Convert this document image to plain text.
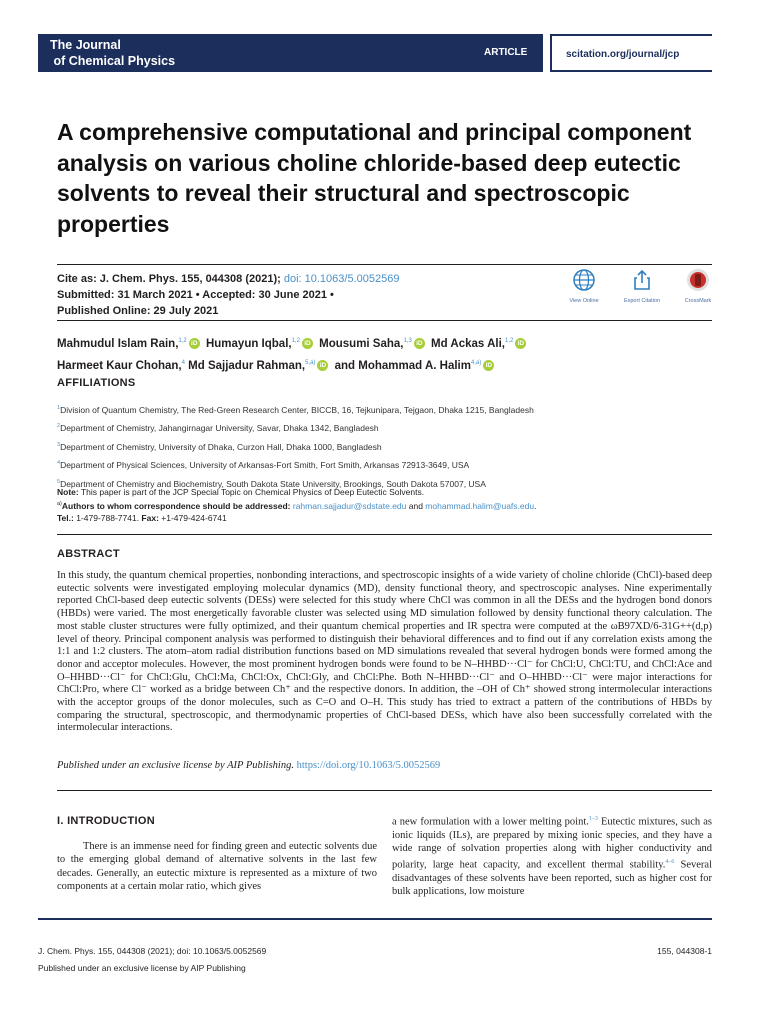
The Journal
of Chemical Physics
ARTICLE	scitation.org/journal/jcp
A comprehensive computational and principal component analysis on various choline chloride-based deep eutectic solvents to reveal their structural and spectroscopic properties
Cite as: J. Chem. Phys. 155, 044308 (2021); doi: 10.1063/5.0052569
Submitted: 31 March 2021 • Accepted: 30 June 2021 •
Published Online: 29 July 2021
View Online	Export Citation	CrossMark
Mahmudul Islam Rain,$^{1,2}$ iD Humayun Iqbal,$^{1,2}$ iD Mousumi Saha,$^{1,3}$ iD Md Ackas Ali,$^{1,2}$ iD
Harmeet Kaur Chohan,$^4$ Md Sajjadur Rahman,$^{5,a)}$ iD and Mohammad A. Halim$^{4,a)}$ iD
AFFILIATIONS
$^1$Division of Quantum Chemistry, The Red-Green Research Center, BICCB, 16, Tejkunipara, Tejgaon, Dhaka 1215, Bangladesh
$^2$Department of Chemistry, Jahangirnagar University, Savar, Dhaka 1342, Bangladesh
$^3$Department of Chemistry, University of Dhaka, Curzon Hall, Dhaka 1000, Bangladesh
$^4$Department of Physical Sciences, University of Arkansas-Fort Smith, Fort Smith, Arkansas 72913-3649, USA
$^5$Department of Chemistry and Biochemistry, South Dakota State University, Brookings, South Dakota 57007, USA
Note: This paper is part of the JCP Special Topic on Chemical Physics of Deep Eutectic Solvents.
$^{a)}$Authors to whom correspondence should be addressed: rahman.sajjadur@sdstate.edu and mohammad.halim@uafs.edu.
Tel.: 1-479-788-7741. Fax: +1-479-424-6741
ABSTRACT
In this study, the quantum chemical properties, nonbonding interactions, and spectroscopic insights of a wide variety of choline chloride (ChCl)-based deep eutectic solvents were investigated employing molecular dynamics (MD), density functional theory, and spectroscopic analyses. Nine experimentally reported ChCl-based deep eutectic solvents (DESs) were selected for this study where ChCl was common in all the DESs and the hydrogen bond donors (HBDs) were varied. The most energetically favorable cluster was selected using MD simulation followed by density functional theory calculation. The most stable cluster structures were fully optimized, and their quantum chemical properties and IR spectra were computed at the ωB97XD/6-31G++(d,p) level of theory. Principal component analysis was performed to distinguish their behavioral differences and to find out if any correlation exists among the 1:1 and 1:2 clusters. The atom–atom radial distribution functions based on MD simulations revealed that several hydrogen bonds were formed among the donor and acceptor molecules. However, the most prominent hydrogen bonds were found to be N–HHBD···Cl⁻ for ChCl:U, ChCl:TU, and ChCl:Ace and O–HHBD···Cl⁻ for ChCl:Glu, ChCl:Ma, ChCl:Ox, ChCl:Gly, and ChCl:Phe. Both N–HHBD···Cl⁻ and O–HHBD···Cl⁻ were major interactions for ChCl:Pro, where Cl⁻ worked as a bridge between Ch⁺ and the respective donors. In addition, the –OH of Ch⁺ showed strong intermolecular interactions with the acceptor groups of the donor molecules, such as C=O and O–H. This study has tried to extract a pattern of the contributions of HBDs by comparing the structural, spectroscopic, and thermodynamic properties of ChCl-based DESs, which have also been successfully correlated with the intermolecular interactions.
Published under an exclusive license by AIP Publishing. https://doi.org/10.1063/5.0052569
I. INTRODUCTION
There is an immense need for finding green and eutectic solvents due to the emerging global demand of alternative solvents in the last few decades. Generally, an eutectic mixture is represented as a mixture of two components at a certain molar ratio, which gives
a new formulation with a lower melting point.$^{1-3}$ Eutectic mixtures, such as ionic liquids (ILs), are prepared by mixing ionic species, and they have a wide range of solvation properties along with higher conductivity and polarity, large heat capacity, and excellent thermal stability.$^{4-6}$ Several disadvantages of these solvents have been reported, such as higher cost for bulk applications, low moisture
J. Chem. Phys. 155, 044308 (2021); doi: 10.1063/5.0052569	155, 044308-1
Published under an exclusive license by AIP Publishing
